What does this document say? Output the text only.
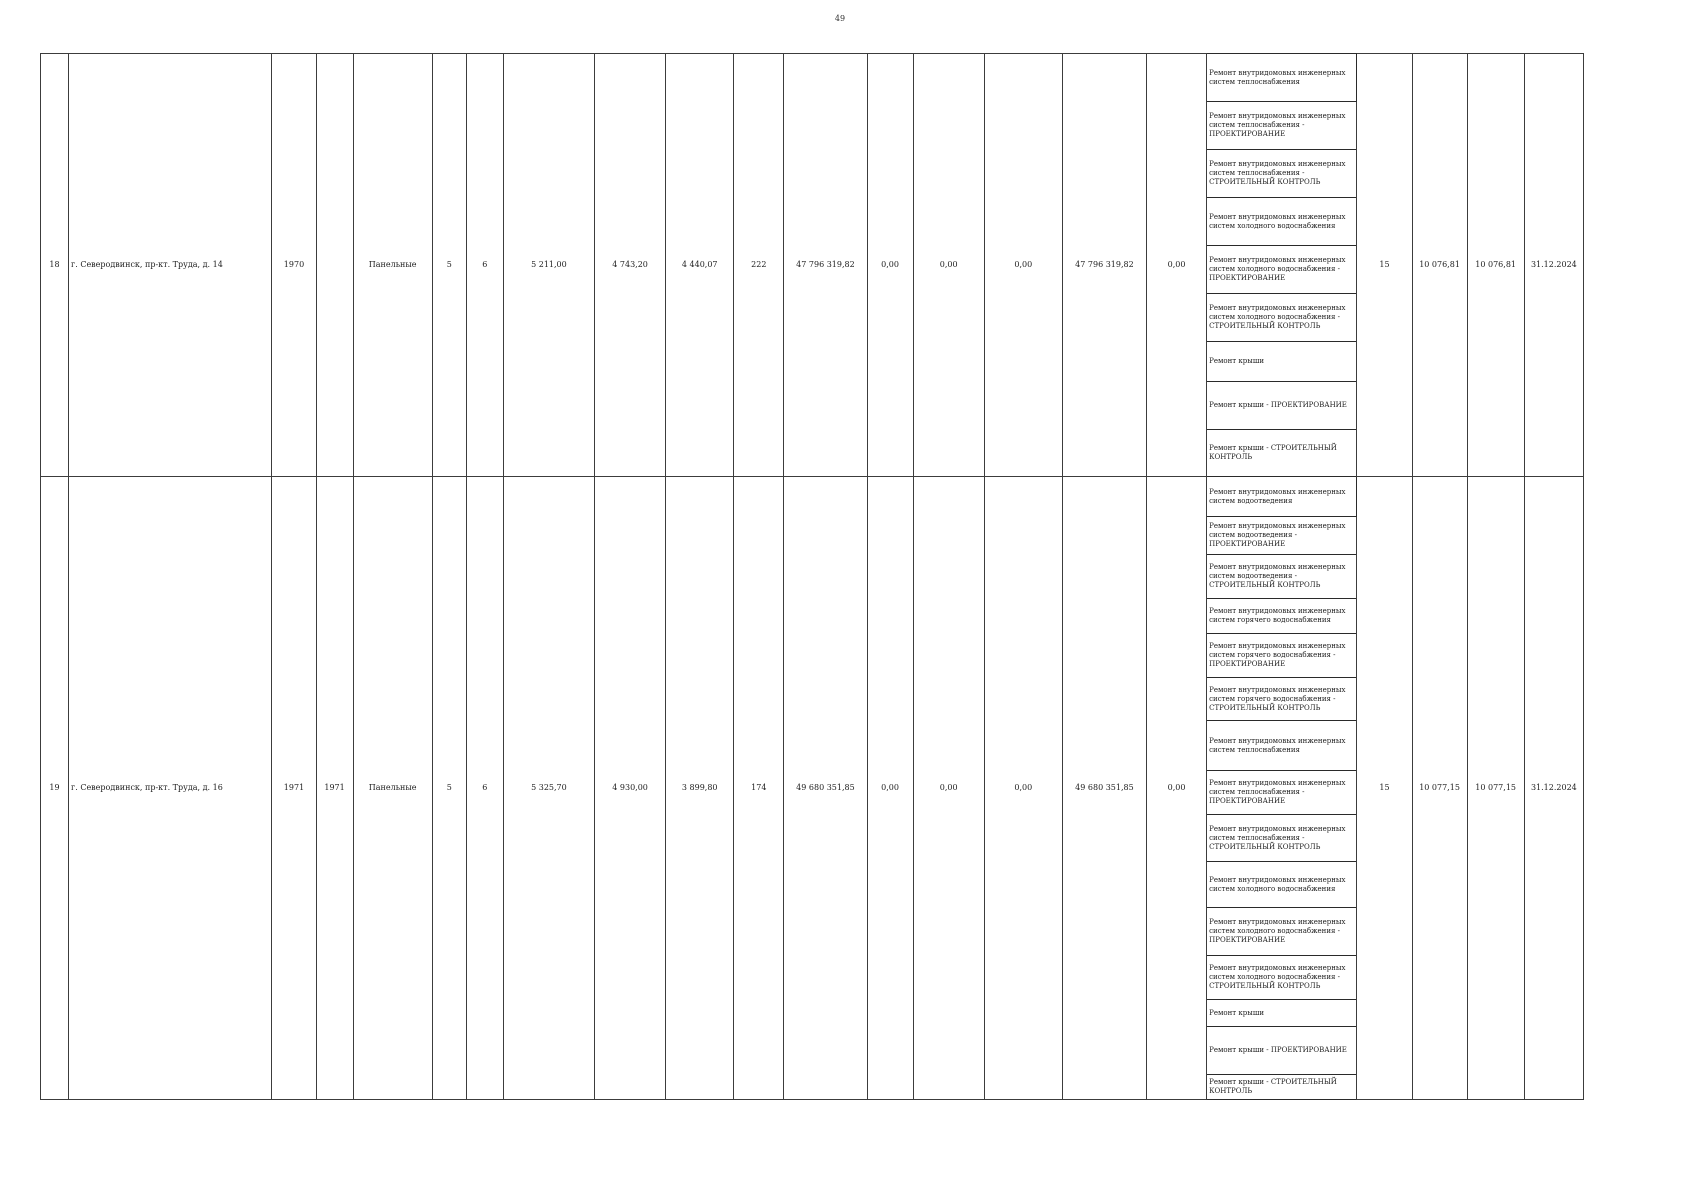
49
18	г. Северодвинск, пр-кт. Труда, д. 14	1970		Панельные	5	6	5 211,00	4 743,20	4 440,07	222	47 796 319,82	0,00	0,00	0,00	47 796 319,82	0,00	Ремонт внутридомовых инженерных систем теплоснабжения	15	10 076,81	10 076,81	31.12.2024
																	Ремонт внутридомовых инженерных систем теплоснабжения - ПРОЕКТИРОВАНИЕ				
																	Ремонт внутридомовых инженерных систем теплоснабжения - СТРОИТЕЛЬНЫЙ КОНТРОЛЬ				
																	Ремонт внутридомовых инженерных систем холодного водоснабжения				
																	Ремонт внутридомовых инженерных систем холодного водоснабжения - ПРОЕКТИРОВАНИЕ				
																	Ремонт внутридомовых инженерных систем холодного водоснабжения - СТРОИТЕЛЬНЫЙ КОНТРОЛЬ				
																	Ремонт крыши				
																	Ремонт крыши - ПРОЕКТИРОВАНИЕ				
																	Ремонт крыши - СТРОИТЕЛЬНЫЙ КОНТРОЛЬ				
19	г. Северодвинск, пр-кт. Труда, д. 16	1971	1971	Панельные	5	6	5 325,70	4 930,00	3 899,80	174	49 680 351,85	0,00	0,00	0,00	49 680 351,85	0,00	Ремонт внутридомовых инженерных систем водоотведения	15	10 077,15	10 077,15	31.12.2024
																	Ремонт внутридомовых инженерных систем водоотведения - ПРОЕКТИРОВАНИЕ				
																	Ремонт внутридомовых инженерных систем водоотведения - СТРОИТЕЛЬНЫЙ КОНТРОЛЬ				
																	Ремонт внутридомовых инженерных систем горячего водоснабжения				
																	Ремонт внутридомовых инженерных систем горячего водоснабжения - ПРОЕКТИРОВАНИЕ				
																	Ремонт внутридомовых инженерных систем горячего водоснабжения - СТРОИТЕЛЬНЫЙ КОНТРОЛЬ				
																	Ремонт внутридомовых инженерных систем теплоснабжения				
																	Ремонт внутридомовых инженерных систем теплоснабжения - ПРОЕКТИРОВАНИЕ				
																	Ремонт внутридомовых инженерных систем теплоснабжения - СТРОИТЕЛЬНЫЙ КОНТРОЛЬ				
																	Ремонт внутридомовых инженерных систем холодного водоснабжения				
																	Ремонт внутридомовых инженерных систем холодного водоснабжения - ПРОЕКТИРОВАНИЕ				
																	Ремонт внутридомовых инженерных систем холодного водоснабжения - СТРОИТЕЛЬНЫЙ КОНТРОЛЬ				
																	Ремонт крыши				
																	Ремонт крыши - ПРОЕКТИРОВАНИЕ				
																	Ремонт крыши - СТРОИТЕЛЬНЫЙ КОНТРОЛЬ				
